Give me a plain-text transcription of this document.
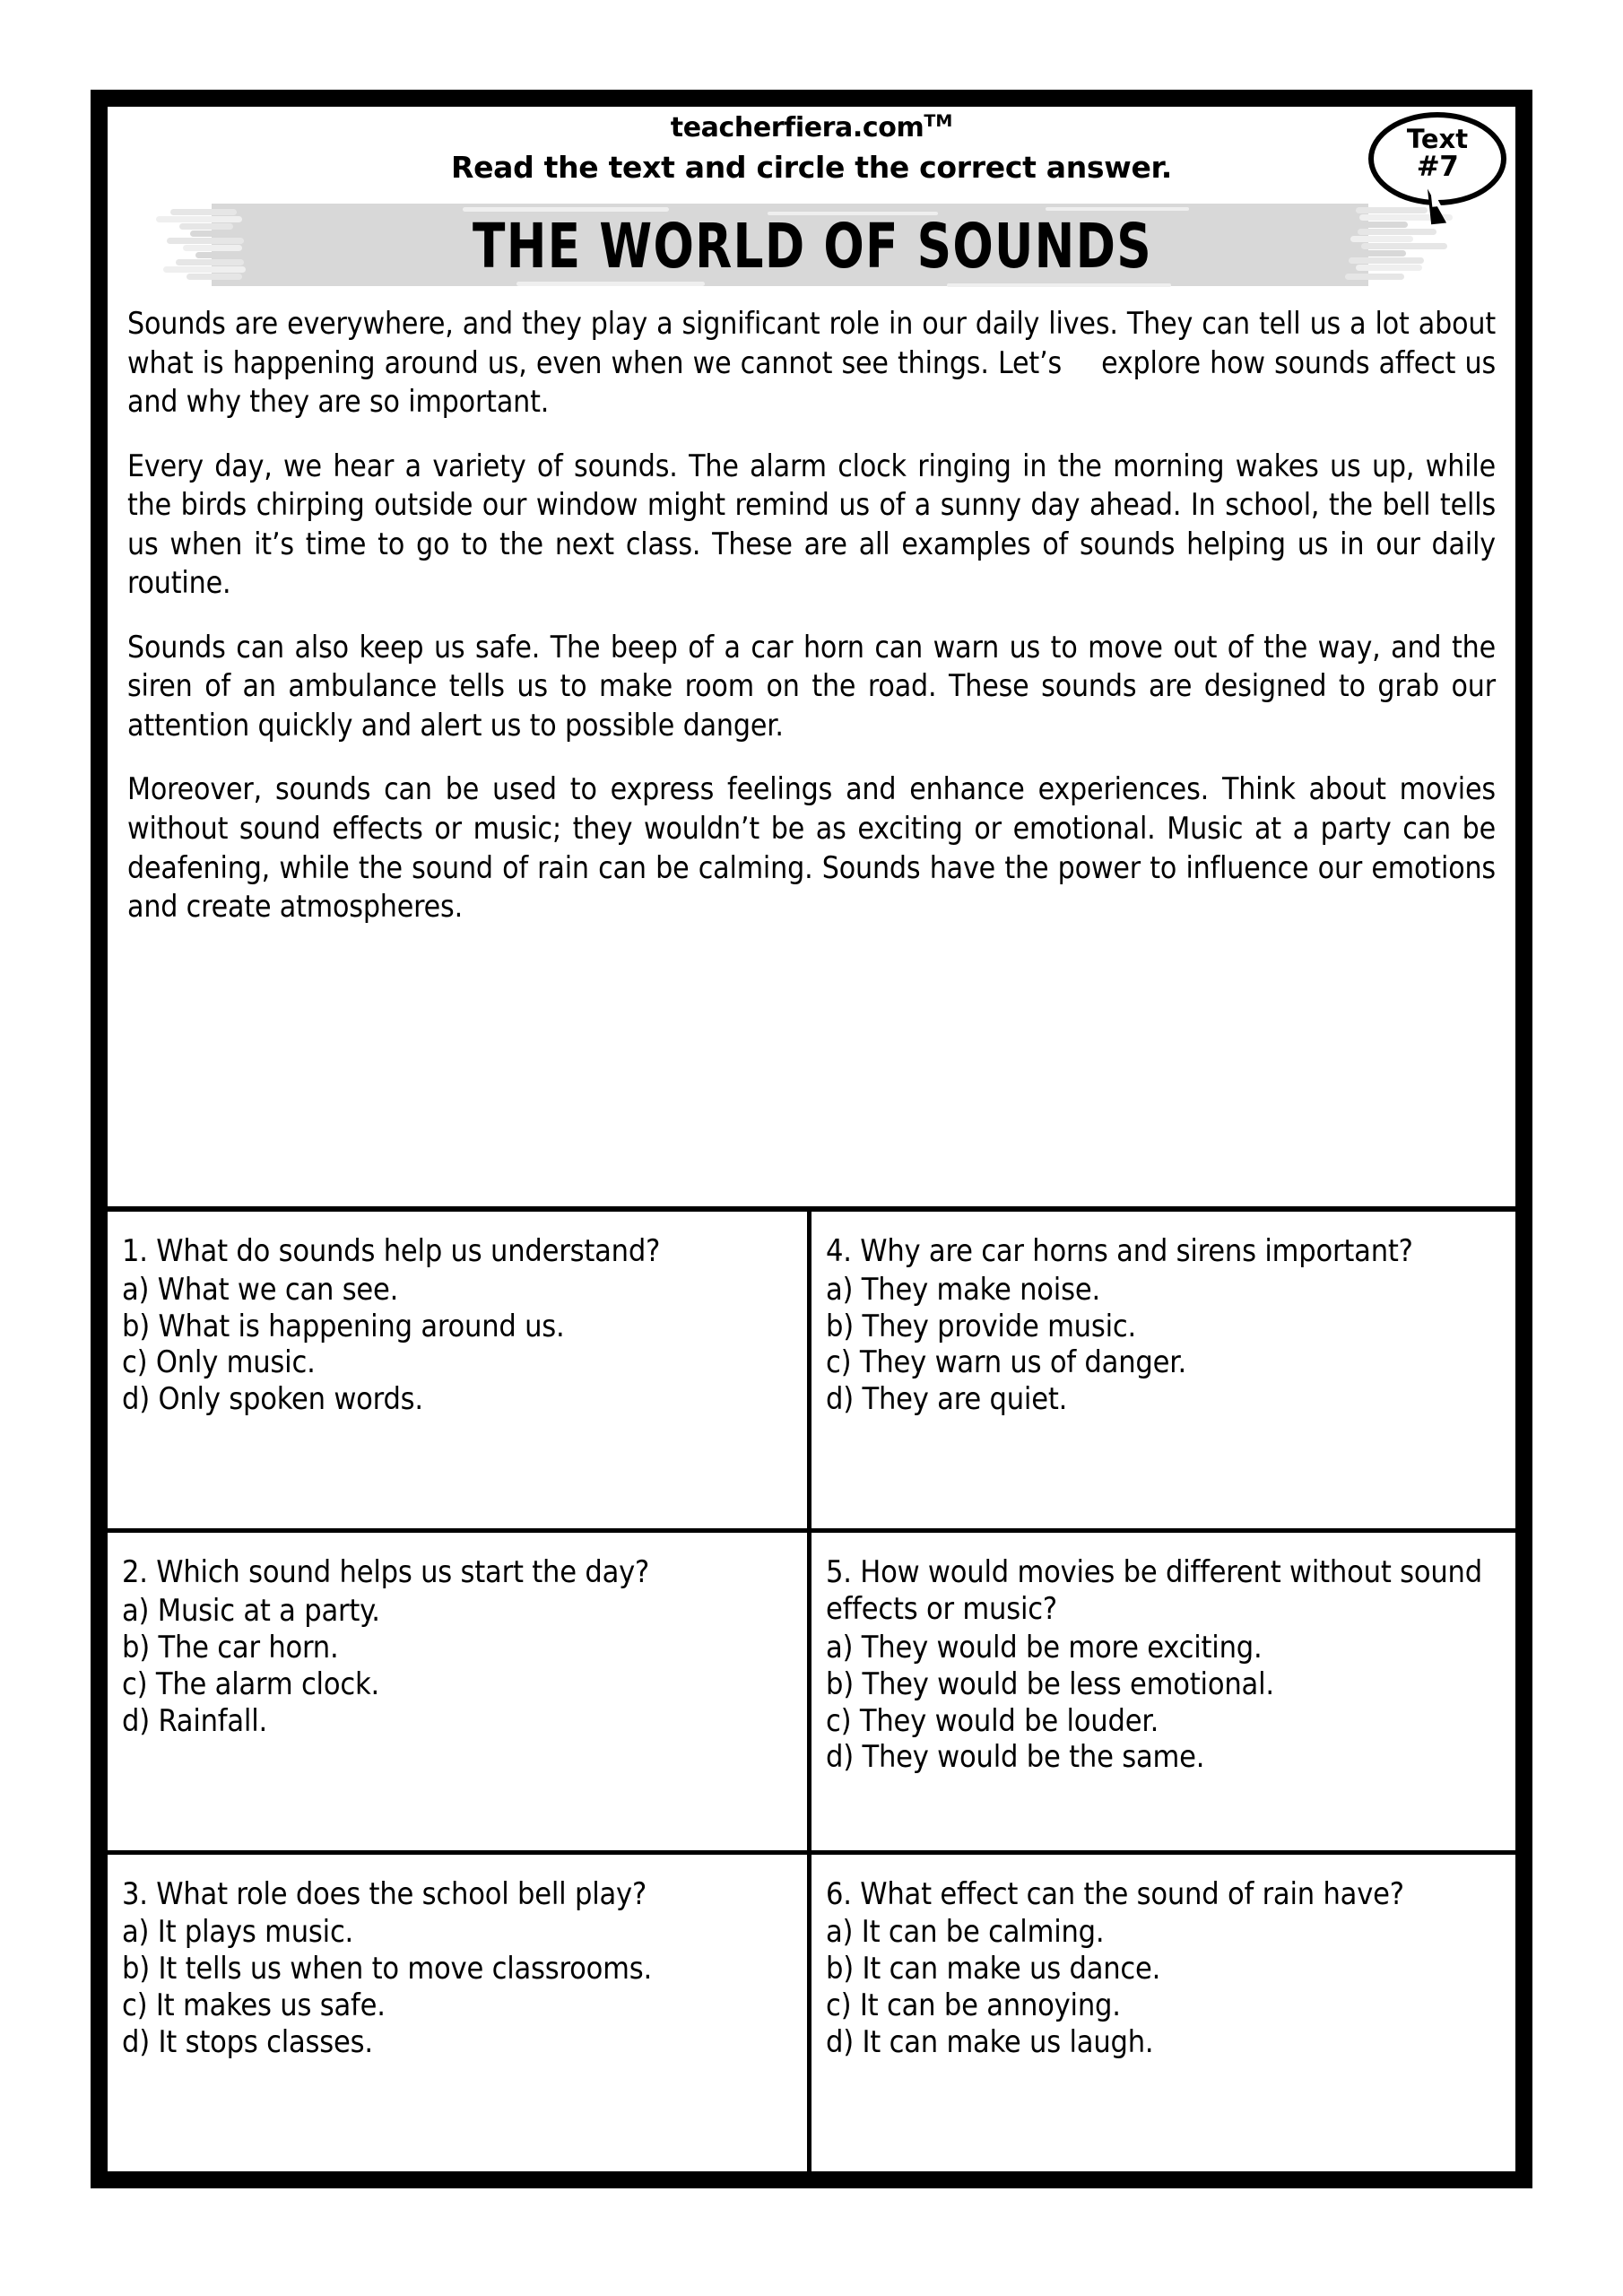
teacherfiera.com™
Read the text and circle the correct answer.
THE WORLD OF SOUNDS
Text
#7

Sounds are everywhere, and they play a significant role in our daily lives. They can tell us a lot about what is happening around us, even when we cannot see things. Let’s explore how sounds affect us and why they are so important.

Every day, we hear a variety of sounds. The alarm clock ringing in the morning wakes us up, while the birds chirping outside our window might remind us of a sunny day ahead. In school, the bell tells us when it’s time to go to the next class. These are all examples of sounds helping us in our daily routine.

Sounds can also keep us safe. The beep of a car horn can warn us to move out of the way, and the siren of an ambulance tells us to make room on the road. These sounds are designed to grab our attention quickly and alert us to possible danger.

Moreover, sounds can be used to express feelings and enhance experiences. Think about movies without sound effects or music; they wouldn’t be as exciting or emotional. Music at a party can be deafening, while the sound of rain can be calming. Sounds have the power to influence our emotions and create atmospheres.

1. What do sounds help us understand?

a) What we can see.

b) What is happening around us.

c) Only music.

d) Only spoken words.

4. Why are car horns and sirens important?

a) They make noise.

b) They provide music.

c) They warn us of danger.

d) They are quiet.

2. Which sound helps us start the day?

a) Music at a party.

b) The car horn.

c) The alarm clock.

d) Rainfall.

5. How would movies be different without sound effects or music?

a) They would be more exciting.

b) They would be less emotional.

c) They would be louder.

d) They would be the same.

3. What role does the school bell play?

a) It plays music.

b) It tells us when to move classrooms.

c) It makes us safe.

d) It stops classes.

6. What effect can the sound of rain have?

a) It can be calming.

b) It can make us dance.

c) It can be annoying.

d) It can make us laugh.
